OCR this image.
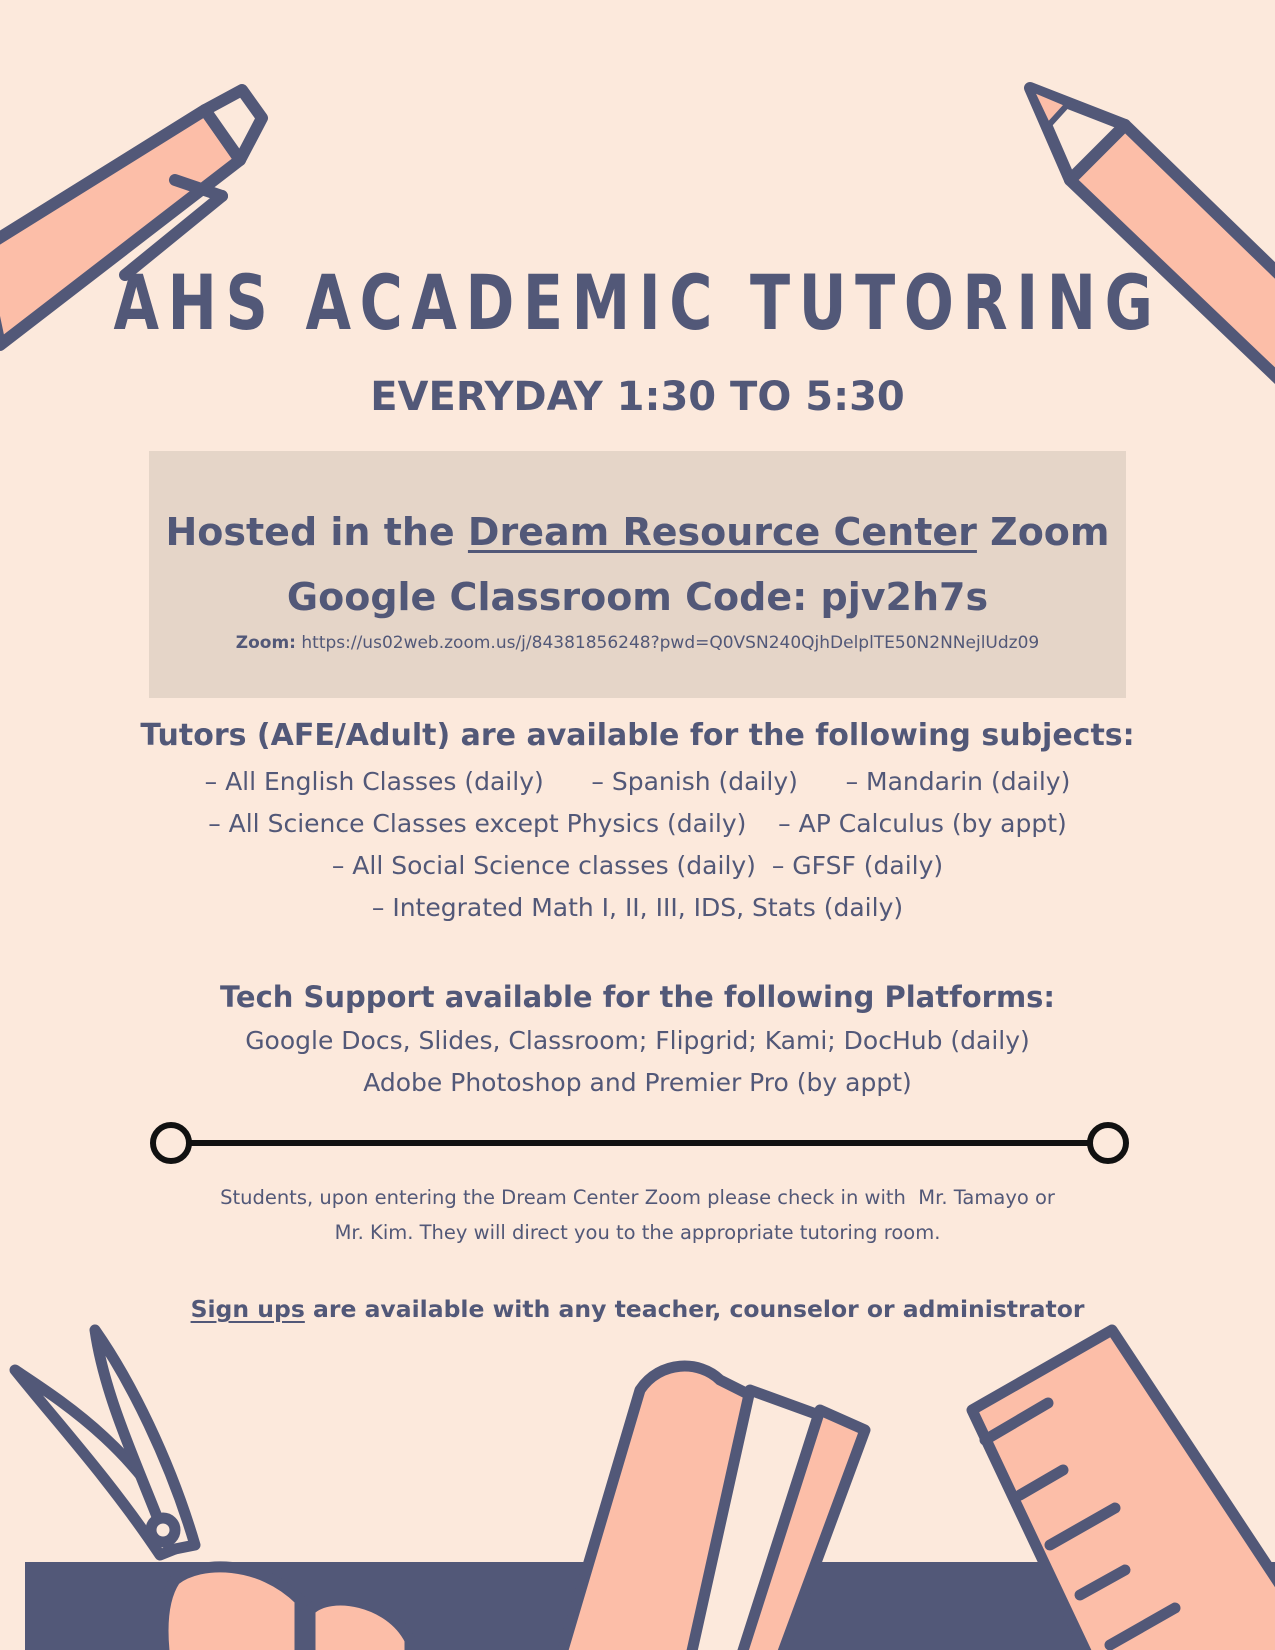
AHS ACADEMIC TUTORING
EVERYDAY 1:30 TO 5:30
Hosted in the Dream Resource Center Zoom
Google Classroom Code: pjv2h7s
Zoom: https://us02web.zoom.us/j/84381856248?pwd=Q0VSN240QjhDelplTE50N2NNejlUdz09
Tutors (AFE/Adult) are available for the following subjects:
– All English Classes (daily)      – Spanish (daily)      – Mandarin (daily)
– All Science Classes except Physics (daily)    – AP Calculus (by appt)
– All Social Science classes (daily)  – GFSF (daily)
– Integrated Math I, II, III, IDS, Stats (daily)
Tech Support available for the following Platforms:
Google Docs, Slides, Classroom; Flipgrid; Kami; DocHub (daily)
Adobe Photoshop and Premier Pro (by appt)
Students, upon entering the Dream Center Zoom please check in with  Mr. Tamayo or
Mr. Kim. They will direct you to the appropriate tutoring room.
Sign ups are available with any teacher, counselor or administrator
